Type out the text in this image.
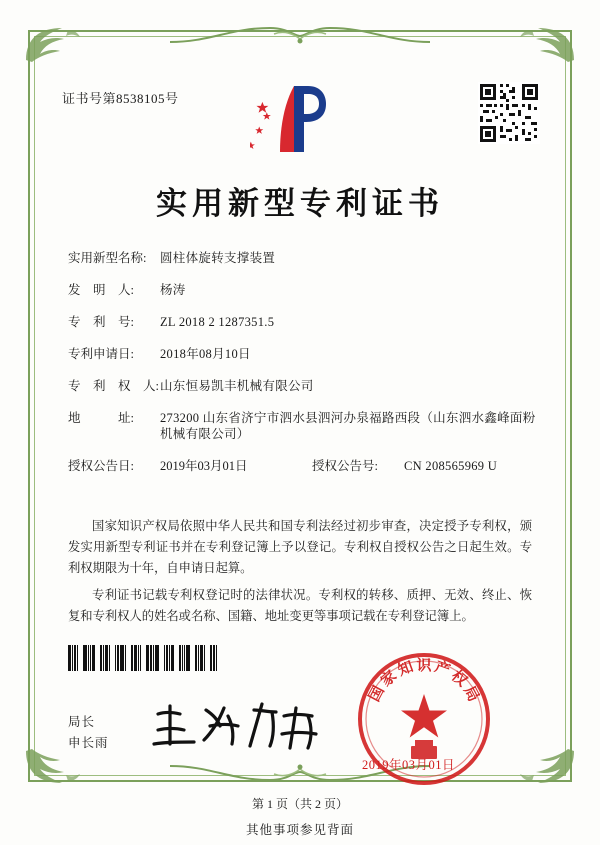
证书号第8538105号
实用新型专利证书
实用新型名称:	圆柱体旋转支撑装置
发　明　人:	杨涛
专　利　号:	ZL 2018 2 1287351.5
专利申请日:	2018年08月10日
专　利　权　人: 山东恒易凯丰机械有限公司
地　　　址:	273200 山东省济宁市泗水县泗河办泉福路西段（山东泗水鑫峰面粉机械有限公司）
授权公告日:	2019年03月01日	授权公告号:	CN 208565969 U

国家知识产权局依照中华人民共和国专利法经过初步审查，决定授予专利权，颁发实用新型专利证书并在专利登记簿上予以登记。专利权自授权公告之日起生效。专利权期限为十年，自申请日起算。

专利证书记载专利权登记时的法律状况。专利权的转移、质押、无效、终止、恢复和专利权人的姓名或名称、国籍、地址变更等事项记载在专利登记簿上。

局长
申长雨
国
家
知 识 产
权
局
2019年03月01日
第 1 页（共 2 页）
其他事项参见背面
